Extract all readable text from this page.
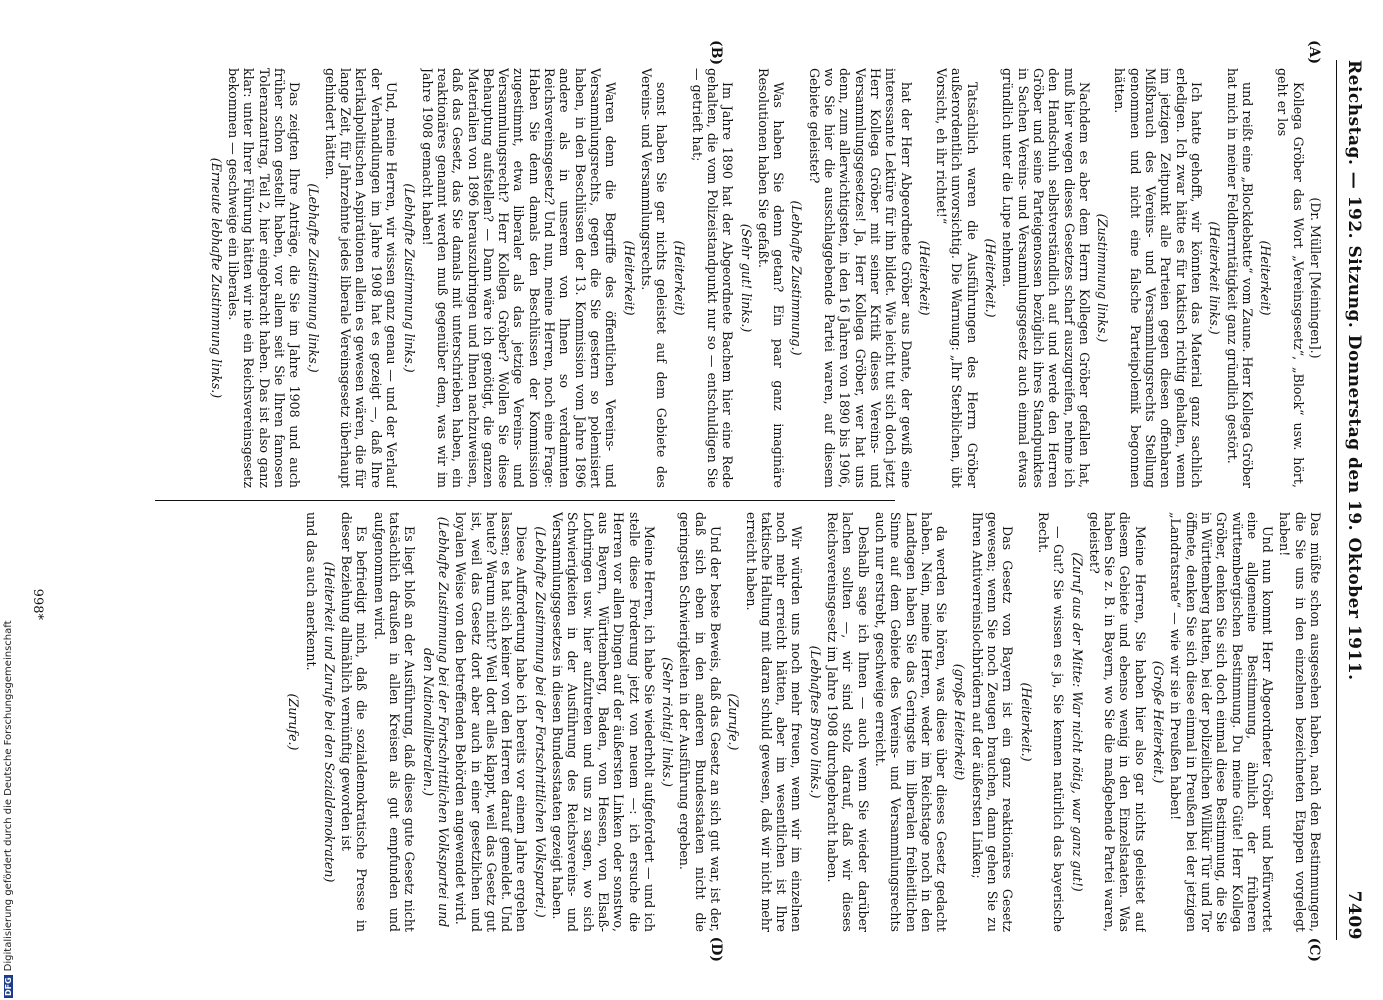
Reichstag. — 192. Sitzung. Donnerstag den 19. Oktober 1911.
7409
(A)
(B)
(C)
(D)

(Dr. Müller [Meiningen].)

Kollega Gröber das Wort „Vereinsgesetz“, „Block“ usw. hört, geht er los

(Heiterkeit)

und reißt eine „Blockdebatte“ vom Zaune. Herr Kollega Gröber hat mich in meiner Feldherrntätigkeit ganz gründlich gestört.

(Heiterkeit links.)

Ich hatte gehofft, wir könnten das Material ganz sachlich erledigen. Ich zwar hätte es für taktisch richtig gehalten, wenn im jetzigen Zeitpunkt alle Parteien gegen diesen offenbaren Mißbrauch des Vereins- und Versammlungsrechts Stellung genommen und nicht eine falsche Parteipolemik begonnen hätten.

(Zustimmung links.)

Nachdem es aber dem Herrn Kollegen Gröber gefallen hat, muß hier wegen dieses Gesetzes scharf auszugreifen, nehme ich den Handschuh selbstverständlich auf und werde den Herren Gröber und seine Parteigenossen bezüglich ihres Standpunktes in Sachen Vereins- und Versammlungsgesetz auch einmal etwas gründlich unter die Lupe nehmen.

(Heiterkeit.)

Tatsächlich waren die Ausführungen des Herrn Gröber außerordentlich unvorsichtig. Die Warnung: „Ihr Sterblichen, übt Vorsicht, eh ihr richtet!“

(Heiterkeit)

hat der Herr Abgeordnete Gröber aus Dante, der gewiß eine interessante Lektüre für ihn bildet. Wie leicht tut sich doch jetzt Herr Kollega Gröber mit seiner Kritik dieses Vereins- und Versammlungsgesetzes! Ja, Herr Kollega Gröber, wer hat uns denn, zum allerwichtigsten, in den 16 Jahren von 1890 bis 1906, wo Sie hier die ausschlaggebende Partei waren, auf diesem Gebiete geleistet?

(Lebhafte Zustimmung.)

Was haben Sie denn getan? Ein paar ganz imaginäre Resolutionen haben Sie gefaßt.

(Sehr gut! links.)

Im Jahre 1890 hat der Abgeordnete Bachem hier eine Rede gehalten, die vom Polizeistandpunkt nur so — entschuldigen Sie — getrieft hat;

(Heiterkeit)

sonst haben Sie gar nichts geleistet auf dem Gebiete des Vereins- und Versammlungsrechts.

(Heiterkeit)

Waren denn die Begriffe des öffentlichen Vereins- und Versammlungsrechts, gegen die Sie gestern so polemisiert haben, in den Beschlüssen der 13. Kommission vom Jahre 1896 andere als in unserem von Ihnen so verdammten Reichsvereinsgesetz? Und nun, meine Herren, noch eine Frage: Haben Sie denn damals den Beschlüssen der Kommission zugestimmt, etwa liberaler als das jetzige Vereins- und Versammlungsrecht? Herr Kollega Gröber? Wollen Sie diese Behauptung aufstellen? — Dann wäre ich genötigt, die ganzen Materialien von 1896 herauszubringen und Ihnen nachzuweisen, daß das Gesetz, das Sie damals mit unterschrieben haben, ein reaktionäres genannt werden muß gegenüber dem, was wir im Jahre 1908 gemacht haben!

(Lebhafte Zustimmung links.)

Und, meine Herren, wir wissen ganz genau — und der Verlauf der Verhandlungen im Jahre 1908 hat es gezeigt —, daß Ihre klerikalpolitischen Aspirationen allein es gewesen wären, die für lange Zeit, für Jahrzehnte jedes liberale Vereinsgesetz überhaupt gehindert hätten.

(Lebhafte Zustimmung links.)

Das zeigten Ihre Anträge, die Sie im Jahre 1908 und auch früher schon gestellt haben, vor allem seit Sie Ihren famosen Toleranzantrag, Teil 2, hier eingebracht haben. Das ist also ganz klar: unter Ihrer Führung hätten wir nie ein Reichsvereinsgesetz bekommen — geschweige ein liberales.

(Erneute lebhafte Zustimmung links.)

Das müßte schon ausgesehen haben, nach den Bestimmungen, die Sie uns in den einzelnen bezeichneten Etappen vorgelegt haben!

Und nun kommt Herr Abgeordneter Gröber und befürwortet eine allgemeine Bestimmung, ähnlich der früheren württembergischen Bestimmung. Du meine Güte! Herr Kollega Gröber, denken Sie sich doch einmal diese Bestimmung, die Sie in Württemberg hatten, bei der polizeilichen Willkür Tür und Tor öffnete, denken Sie sich diese einmal in Preußen bei der jetzigen „Landratsrate“ — wie wir sie in Preußen haben!

(Große Heiterkeit.)

Meine Herren, Sie haben hier also gar nichts geleistet auf diesem Gebiete und ebenso wenig in den Einzelstaaten. Was haben Sie z. B. in Bayern, wo Sie die maßgebende Partei waren, geleistet?

(Zuruf aus der Mitte: War nicht nötig, war ganz gut!)

— Gut? Sie wissen es ja, Sie kennen natürlich das bayerische Recht.

(Heiterkeit.)

Das Gesetz von Bayern ist ein ganz reaktionäres Gesetz gewesen; wenn Sie noch Zeugen brauchen, dann gehen Sie zu Ihren Antiverreinslochbrüdern auf der äußersten Linken;

(große Heiterkeit)

da werden Sie hören, was diese über dieses Gesetz gedacht haben. Nein, meine Herren, weder im Reichstage noch in den Landtagen haben Sie das Geringste im liberalen freiheitlichen Sinne auf dem Gebiete des Vereins- und Versammlungsrechts auch nur erstrebt, geschweige erreicht.

Deshalb sage ich Ihnen — auch wenn Sie wieder darüber lachen sollten —, wir sind stolz darauf, daß wir dieses Reichsvereinsgesetz im Jahre 1908 durchgebracht haben.

(Lebhaftes Bravo links.)

Wir würden uns noch mehr freuen, wenn wir im einzelnen noch mehr erreicht hätten, aber im wesentlichen ist Ihre taktische Haltung mit daran schuld gewesen, daß wir nicht mehr erreicht haben.

(Zurufe.)

Und der beste Beweis, daß das Gesetz an sich gut war, ist der, daß sich eben in den anderen Bundesstaaten nicht die geringsten Schwierigkeiten in der Ausführung ergeben.

(Sehr richtig! links.)

Meine Herren, ich habe Sie wiederholt aufgefordert — und ich stelle diese Forderung jetzt von neuem —: ich ersuche die Herren vor allen Dingen auf der äußersten Linken oder sonstwo, aus Bayern, Württemberg, Baden, von Hessen, von Elsaß-Lothringen usw. hier aufzutreten und uns zu sagen, wo sich Schwierigkeiten in der Ausführung des Reichsvereins- und Versammlungsgesetzes in diesen Bundesstaaten gezeigt haben.

(Lebhafte Zustimmung bei der Fortschrittlichen Volkspartei.)

Diese Aufforderung habe ich bereits vor einem Jahre ergehen lassen; es hat sich keiner von den Herren darauf gemeldet. Und heute? Warum nicht? Weil dort alles klappt, weil das Gesetz gut ist, weil das Gesetz dort aber auch in einer gesetzlichen und loyalen Weise von den betreffenden Behörden angewendet wird.

(Lebhafte Zustimmung bei der Fortschrittlichen Volkspartei und den Nationalliberalen.)

Es liegt bloß an der Ausführung, daß dieses gute Gesetz nicht tatsächlich draußen in allen Kreisen als gut empfunden und aufgenommen wird.

Es befriedigt mich, daß die sozialdemokratische Presse in dieser Beziehung allmählich vernünftig geworden ist

(Heiterkeit und Zurufe bei den Sozialdemokraten)

und das auch anerkennt.

(Zurufe.)

998*
DFGDigitalisierung gefördert durch die Deutsche Forschungsgemeinschaft
